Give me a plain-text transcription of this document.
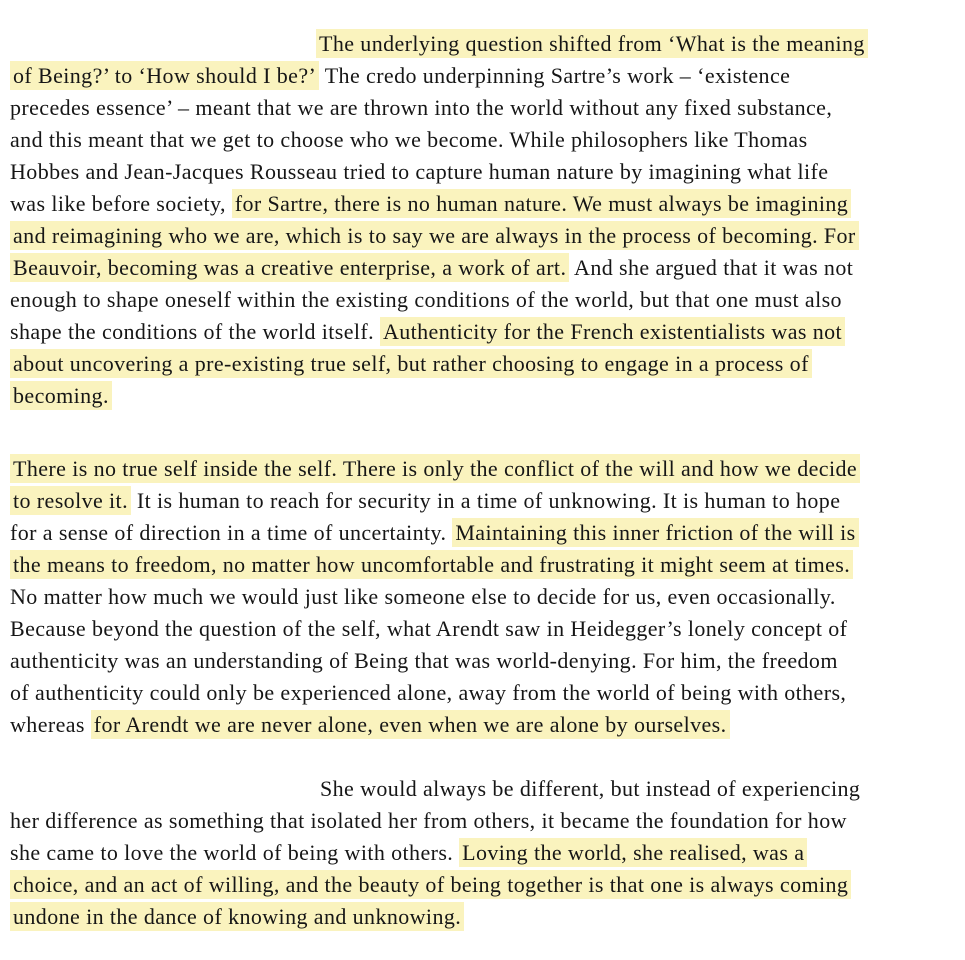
The underlying question shifted from ‘What is the meaning
of Being?’ to ‘How should I be?’ The credo underpinning Sartre’s work – ‘existence
precedes essence’ – meant that we are thrown into the world without any fixed substance,
and this meant that we get to choose who we become. While philosophers like Thomas
Hobbes and Jean-Jacques Rousseau tried to capture human nature by imagining what life
was like before society, for Sartre, there is no human nature. We must always be imagining
and reimagining who we are, which is to say we are always in the process of becoming. For
Beauvoir, becoming was a creative enterprise, a work of art. And she argued that it was not
enough to shape oneself within the existing conditions of the world, but that one must also
shape the conditions of the world itself. Authenticity for the French existentialists was not
about uncovering a pre-existing true self, but rather choosing to engage in a process of
becoming.
There is no true self inside the self. There is only the conflict of the will and how we decide
to resolve it. It is human to reach for security in a time of unknowing. It is human to hope
for a sense of direction in a time of uncertainty. Maintaining this inner friction of the will is
the means to freedom, no matter how uncomfortable and frustrating it might seem at times.
No matter how much we would just like someone else to decide for us, even occasionally.
Because beyond the question of the self, what Arendt saw in Heidegger’s lonely concept of
authenticity was an understanding of Being that was world-denying. For him, the freedom
of authenticity could only be experienced alone, away from the world of being with others,
whereas for Arendt we are never alone, even when we are alone by ourselves.
She would always be different, but instead of experiencing
her difference as something that isolated her from others, it became the foundation for how
she came to love the world of being with others. Loving the world, she realised, was a
choice, and an act of willing, and the beauty of being together is that one is always coming
undone in the dance of knowing and unknowing.
